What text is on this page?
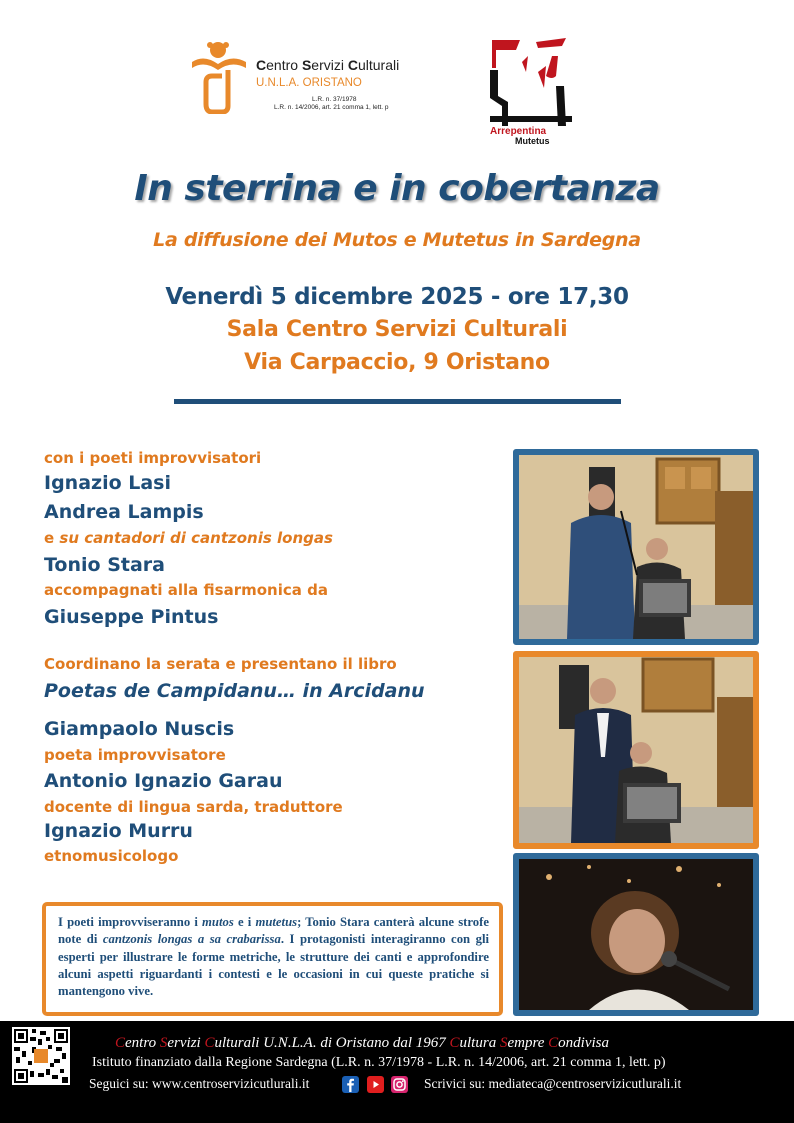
Centro Servizi Culturali
U.N.L.A. ORISTANO
L.R. n. 37/1978
L.R. n. 14/2006, art. 21 comma 1, lett. p
Arrepentina
Mutetus
In sterrina e in cobertanza
La diffusione dei Mutos e Mutetus in Sardegna
Venerdì 5 dicembre 2025 - ore 17,30
Sala Centro Servizi Culturali
Via Carpaccio, 9 Oristano
con i poeti improvvisatori
Ignazio Lasi
Andrea Lampis
e su cantadori di cantzonis longas
Tonio Stara
accompagnati alla fisarmonica da
Giuseppe Pintus
Coordinano la serata e presentano il libro
Poetas de Campidanu… in Arcidanu
Giampaolo Nuscis
poeta improvvisatore
Antonio Ignazio Garau
docente di lingua sarda, traduttore
Ignazio Murru
etnomusicologo
I poeti improvviseranno i mutos e i mutetus; Tonio Stara canterà alcune strofe note di cantzonis longas a sa crabarissa. I protagonisti interagiranno con gli esperti per illustrare le forme metriche, le strutture dei canti e approfondire alcuni aspetti riguardanti i contesti e le occasioni in cui queste pratiche si mantengono vive.
Centro Servizi Culturali U.N.L.A. di Oristano dal 1967 Cultura Sempre Condivisa
Istituto finanziato dalla Regione Sardegna (L.R. n. 37/1978 - L.R. n. 14/2006, art. 21 comma 1, lett. p)
Seguici su: www.centroservizicutlurali.it	Scrivici su: mediateca@centroservizicutlurali.it
